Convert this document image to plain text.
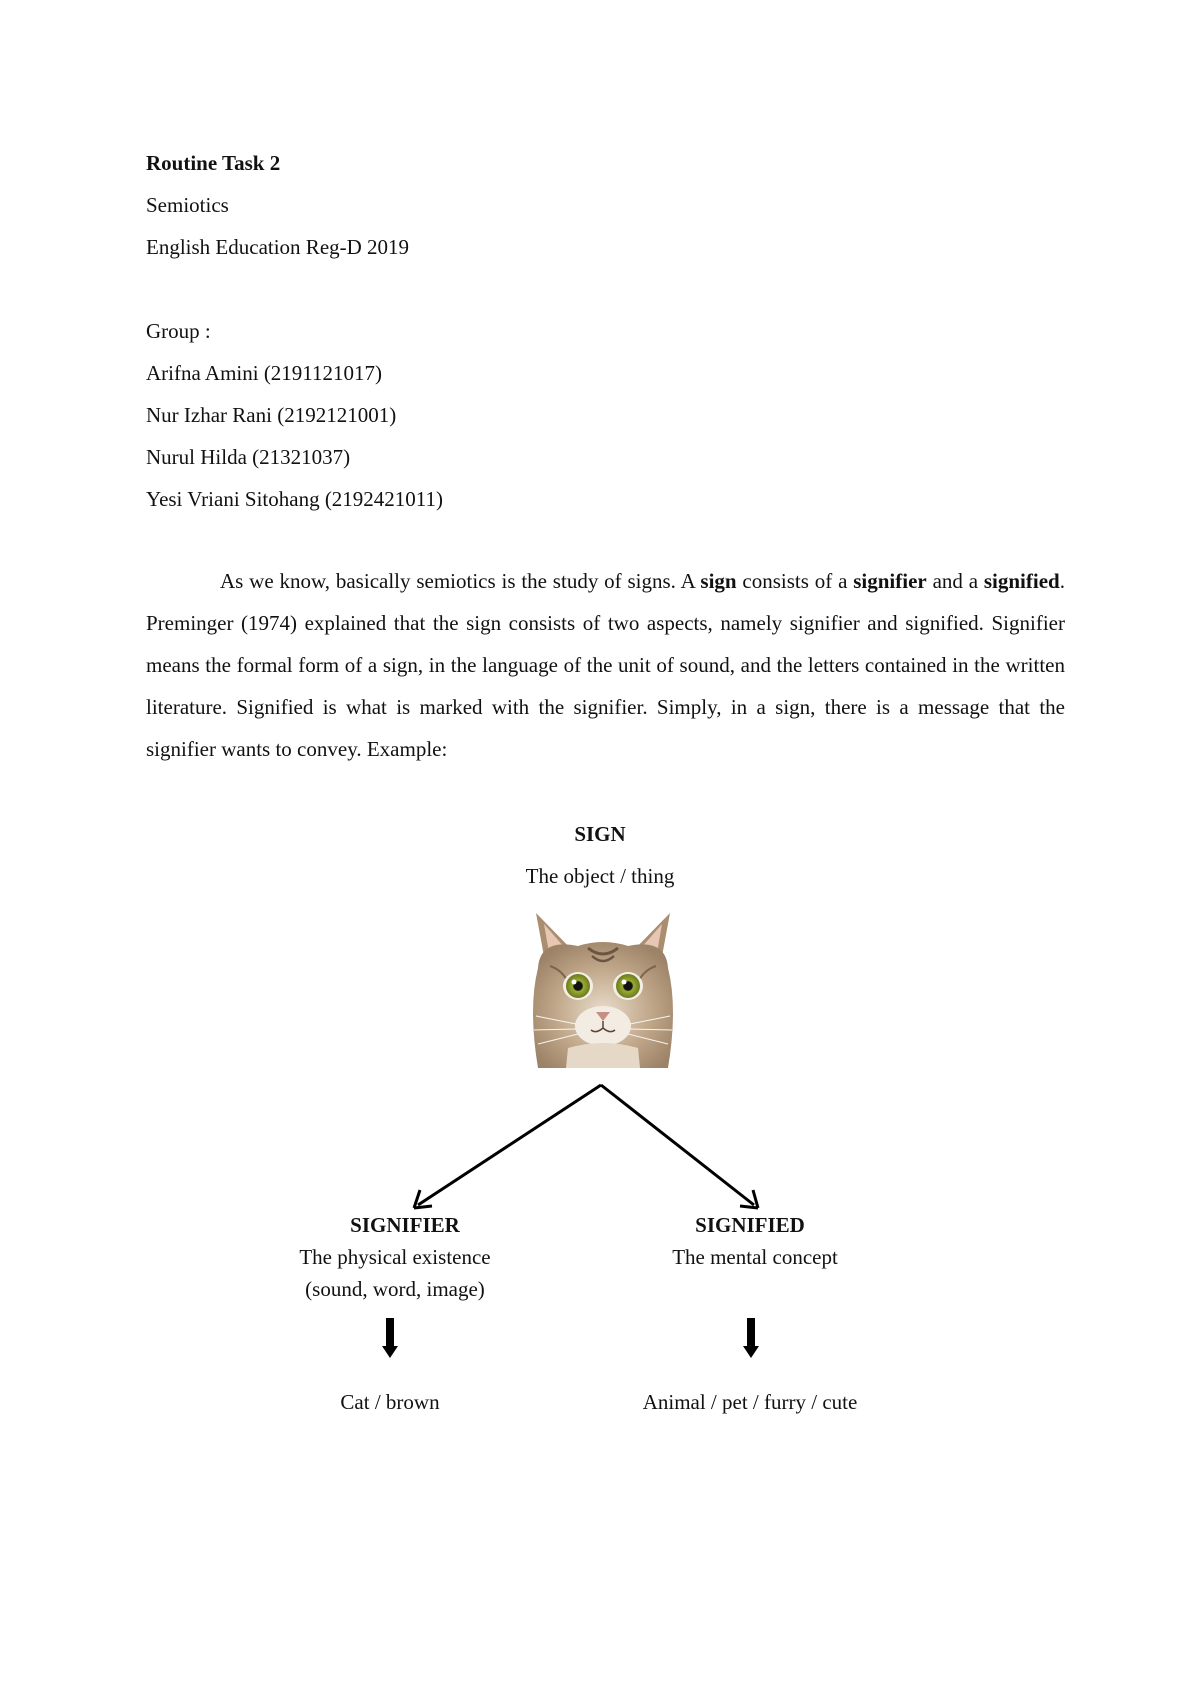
Routine Task 2
Semiotics
English Education Reg-D 2019
Group :
Arifna Amini (2191121017)
Nur Izhar Rani (2192121001)
Nurul Hilda (21321037)
Yesi Vriani Sitohang (2192421011)

As we know, basically semiotics is the study of signs. A sign consists of a signifier and a signified. Preminger (1974) explained that the sign consists of two aspects, namely signifier and signified. Signifier means the formal form of a sign, in the language of the unit of sound, and the letters contained in the written literature. Signified is what is marked with the signifier. Simply, in a sign, there is a message that the signifier wants to convey. Example:

SIGN
The object / thing
SIGNIFIER
The physical existence
(sound, word, image)
Cat / brown
SIGNIFIED
The mental concept
Animal / pet / furry / cute
